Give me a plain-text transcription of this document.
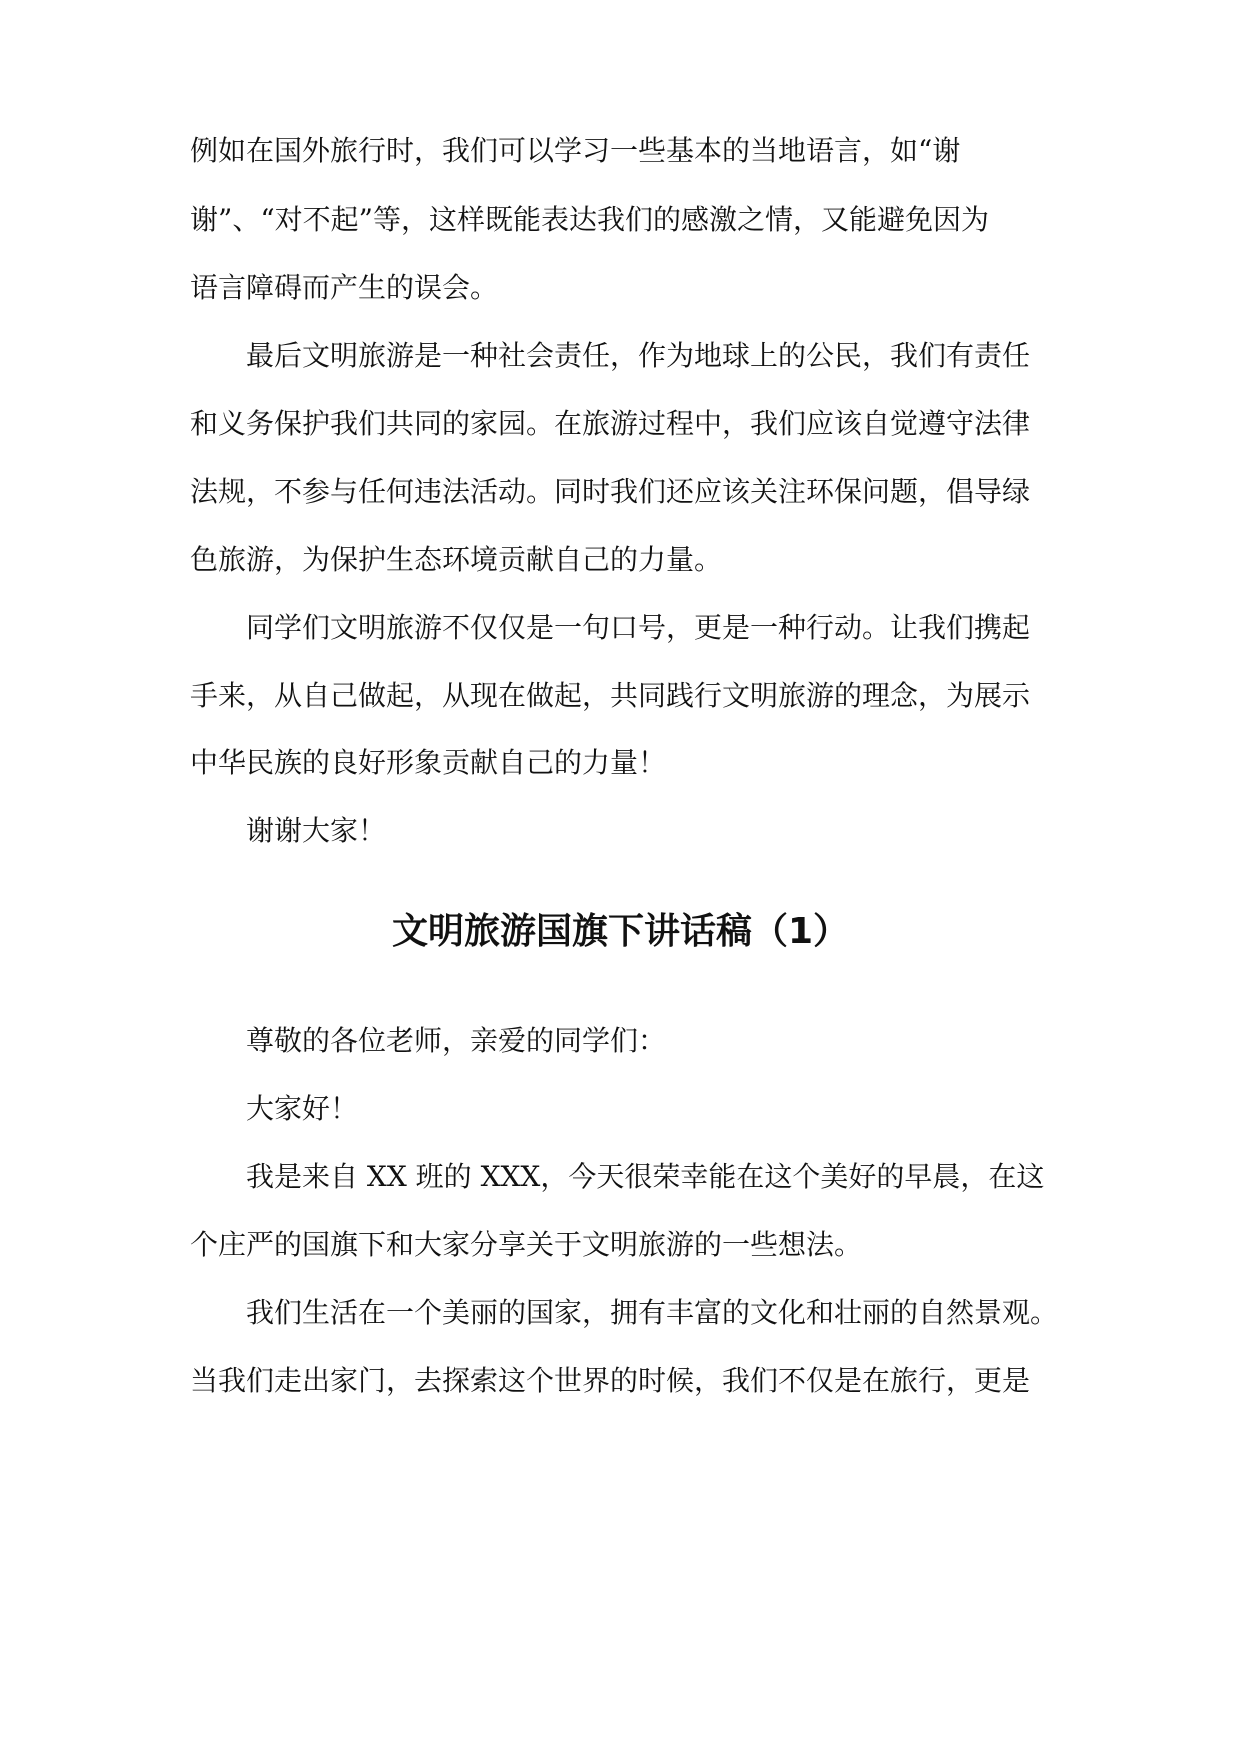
例如在国外旅行时，我们可以学习一些基本的当地语言，如“谢
谢”、“对不起”等，这样既能表达我们的感激之情，又能避免因为
语言障碍而产生的误会。
最后文明旅游是一种社会责任，作为地球上的公民，我们有责任
和义务保护我们共同的家园。在旅游过程中，我们应该自觉遵守法律
法规，不参与任何违法活动。同时我们还应该关注环保问题，倡导绿
色旅游，为保护生态环境贡献自己的力量。
同学们文明旅游不仅仅是一句口号，更是一种行动。让我们携起
手来，从自己做起，从现在做起，共同践行文明旅游的理念，为展示
中华民族的良好形象贡献自己的力量！
谢谢大家！
文明旅游国旗下讲话稿（1）
尊敬的各位老师，亲爱的同学们：
大家好！
我是来自 XX 班的 XXX，今天很荣幸能在这个美好的早晨，在这
个庄严的国旗下和大家分享关于文明旅游的一些想法。
我们生活在一个美丽的国家，拥有丰富的文化和壮丽的自然景观。
当我们走出家门，去探索这个世界的时候，我们不仅是在旅行，更是
